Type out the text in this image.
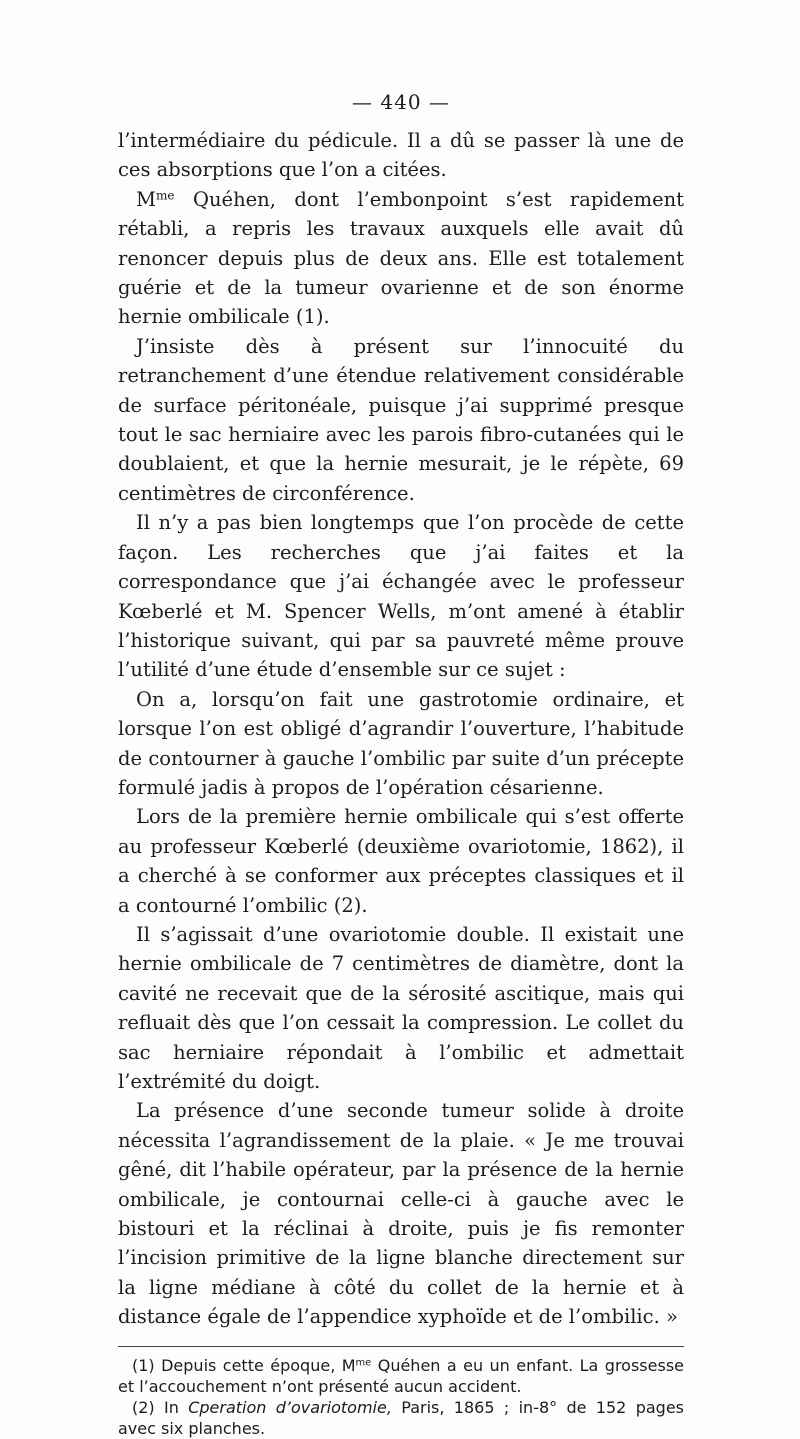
— 440 —

l’intermédiaire du pédicule. Il a dû se passer là une de ces absorptions que l’on a citées.

$M^{me}$ Quéhen, dont l’embonpoint s’est rapidement rétabli, a repris les travaux auxquels elle avait dû renoncer depuis plus de deux ans. Elle est totalement guérie et de la tumeur ovarienne et de son énorme hernie ombilicale (1).

J’insiste dès à présent sur l’innocuité du retranchement d’une étendue relativement considérable de surface péritonéale, puisque j’ai supprimé presque tout le sac herniaire avec les parois fibro-cutanées qui le doublaient, et que la hernie mesurait, je le répète, 69 centimètres de circonférence.

Il n’y a pas bien longtemps que l’on procède de cette façon. Les recherches que j’ai faites et la correspondance que j’ai échangée avec le professeur Kœberlé et M. Spencer Wells, m’ont amené à établir l’historique suivant, qui par sa pauvreté même prouve l’utilité d’une étude d’ensemble sur ce sujet :

On a, lorsqu’on fait une gastrotomie ordinaire, et lorsque l’on est obligé d’agrandir l’ouverture, l’habitude de contourner à gauche l’ombilic par suite d’un précepte formulé jadis à propos de l’opération césarienne.

Lors de la première hernie ombilicale qui s’est offerte au professeur Kœberlé (deuxième ovariotomie, 1862), il a cherché à se conformer aux préceptes classiques et il a contourné l’ombilic (2).

Il s’agissait d’une ovariotomie double. Il existait une hernie ombilicale de 7 centimètres de diamètre, dont la cavité ne recevait que de la sérosité ascitique, mais qui refluait dès que l’on cessait la compression. Le collet du sac herniaire répondait à l’ombilic et admettait l’extrémité du doigt.

La présence d’une seconde tumeur solide à droite nécessita l’agrandissement de la plaie. « Je me trouvai gêné, dit l’habile opérateur, par la présence de la hernie ombilicale, je contournai celle-ci à gauche avec le bistouri et la réclinai à droite, puis je fis remonter l’incision primitive de la ligne blanche directement sur la ligne médiane à côté du collet de la hernie et à distance égale de l’appendice xyphoïde et de l’ombilic. »

(1) Depuis cette époque, $M^{me}$ Quéhen a eu un enfant. La grossesse et l’accouchement n’ont présenté aucun accident.

(2) In Cperation d’ovariotomie, Paris, 1865 ; in-8° de 152 pages avec six planches.
